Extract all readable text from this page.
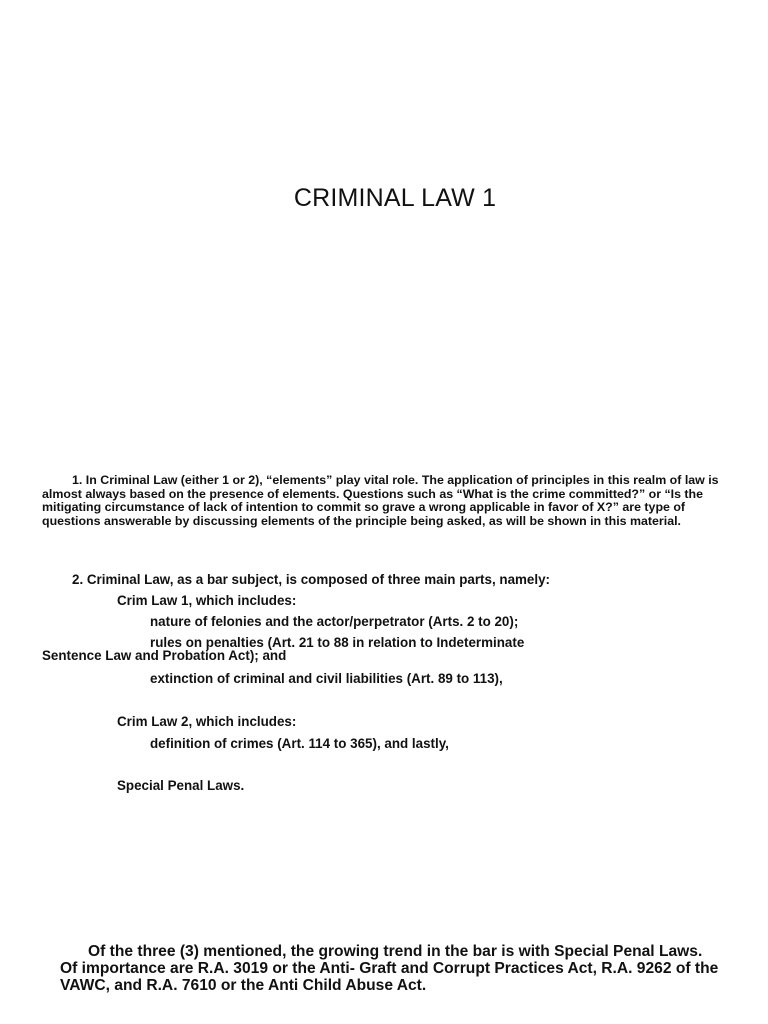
CRIMINAL LAW 1
1. In Criminal Law (either 1 or 2), “elements” play vital role. The application of principles in this realm of law is almost always based on the presence of elements. Questions such as “What is the crime committed?” or “Is the mitigating circumstance of lack of intention to commit so grave a wrong applicable in favor of X?” are type of questions answerable by discussing elements of the principle being asked, as will be shown in this material.
2. Criminal Law, as a bar subject, is composed of three main parts, namely:
Crim Law 1, which includes:
nature of felonies and the actor/perpetrator (Arts. 2 to 20);
rules on penalties (Art. 21 to 88 in relation to Indeterminate
Sentence Law and Probation Act); and
extinction of criminal and civil liabilities (Art. 89 to 113),
Crim Law 2, which includes:
definition of crimes (Art. 114 to 365), and lastly,
Special Penal Laws.
Of the three (3) mentioned, the growing trend in the bar is with Special Penal Laws. Of importance are R.A. 3019 or the Anti- Graft and Corrupt Practices Act, R.A. 9262 of the VAWC, and R.A. 7610 or the Anti Child Abuse Act.
